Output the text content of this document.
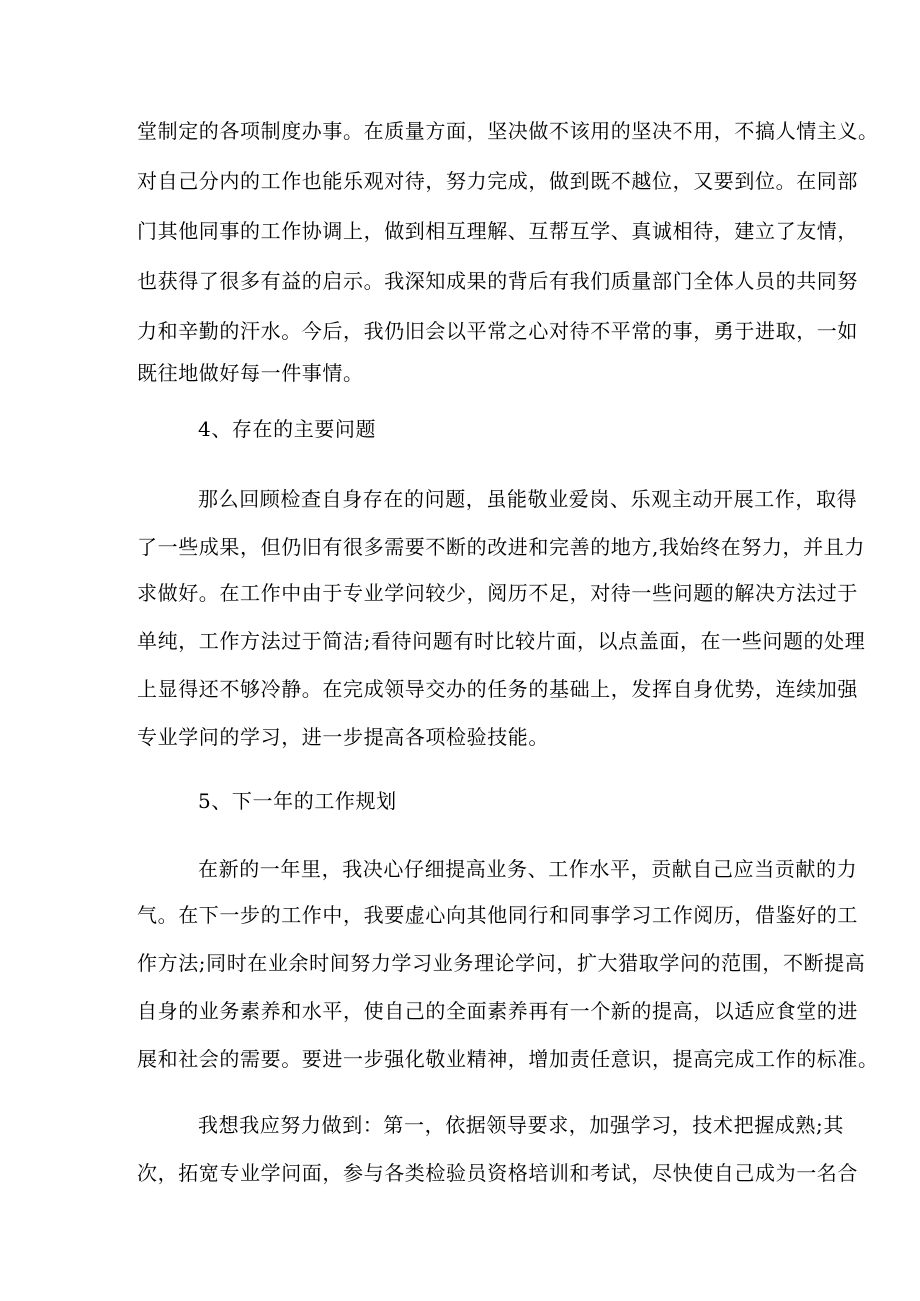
堂制定的各项制度办事。在质量方面，坚决做不该用的坚决不用，不搞人情主义。
对自己分内的工作也能乐观对待，努力完成，做到既不越位，又要到位。在同部
门其他同事的工作协调上，做到相互理解、互帮互学、真诚相待，建立了友情，
也获得了很多有益的启示。我深知成果的背后有我们质量部门全体人员的共同努
力和辛勤的汗水。今后，我仍旧会以平常之心对待不平常的事，勇于进取，一如
既往地做好每一件事情。
4、存在的主要问题
那么回顾检查自身存在的问题，虽能敬业爱岗、乐观主动开展工作，取得
了一些成果，但仍旧有很多需要不断的改进和完善的地方,我始终在努力，并且力
求做好。在工作中由于专业学问较少，阅历不足，对待一些问题的解决方法过于
单纯，工作方法过于简洁;看待问题有时比较片面，以点盖面，在一些问题的处理
上显得还不够冷静。在完成领导交办的任务的基础上，发挥自身优势，连续加强
专业学问的学习，进一步提高各项检验技能。
5、下一年的工作规划
在新的一年里，我决心仔细提高业务、工作水平，贡献自己应当贡献的力
气。在下一步的工作中，我要虚心向其他同行和同事学习工作阅历，借鉴好的工
作方法;同时在业余时间努力学习业务理论学问，扩大猎取学问的范围，不断提高
自身的业务素养和水平，使自己的全面素养再有一个新的提高，以适应食堂的进
展和社会的需要。要进一步强化敬业精神，增加责任意识，提高完成工作的标准。
我想我应努力做到：第一，依据领导要求，加强学习，技术把握成熟;其
次，拓宽专业学问面，参与各类检验员资格培训和考试，尽快使自己成为一名合
